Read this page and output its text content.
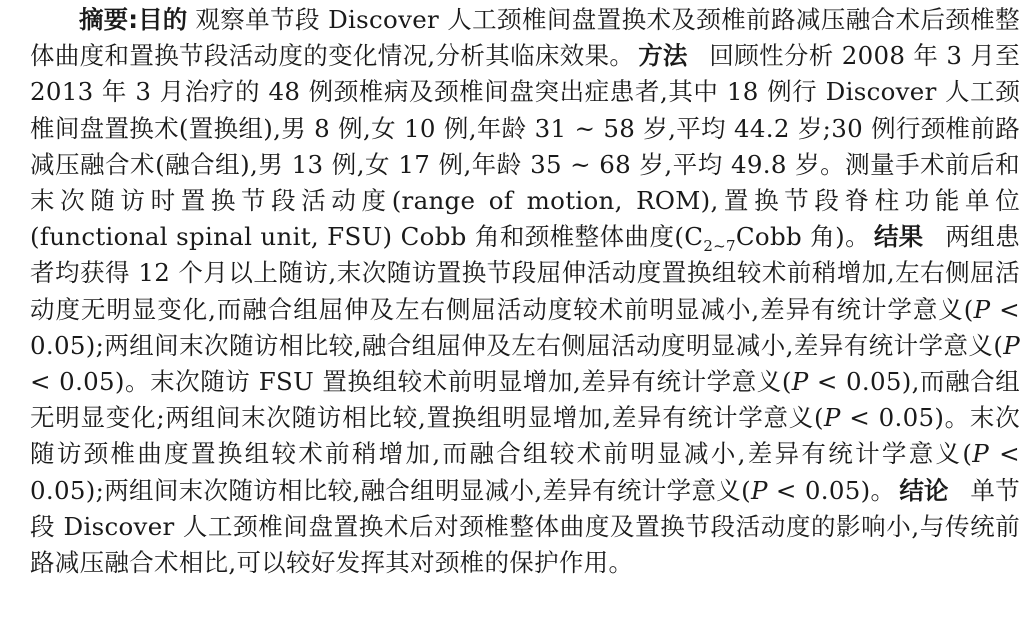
摘要:目的 观察单节段 Discover 人工颈椎间盘置换术及颈椎前路减压融合术后颈椎整体曲度和置换节段活动度的变化情况,分析其临床效果。 方法 回顾性分析 2008 年 3 月至 2013 年 3 月治疗的 48 例颈椎病及颈椎间盘突出症患者,其中 18 例行 Discover 人工颈椎间盘置换术(置换组),男 8 例,女 10 例,年龄 31 ~ 58 岁,平均 44.2 岁;30 例行颈椎前路减压融合术(融合组),男 13 例,女 17 例,年龄 35 ~ 68 岁,平均 49.8 岁。测量手术前后和末次随访时置换节段活动度(range of motion, ROM),置换节段脊柱功能单位(functional spinal unit, FSU) Cobb 角和颈椎整体曲度($C_{2\sim 7}Cobb$ 角)。 结果 两组患者均获得 12 个月以上随访,末次随访置换节段屈伸活动度置换组较术前稍增加,左右侧屈活动度无明显变化,而融合组屈伸及左右侧屈活动度较术前明显减小,差异有统计学意义(P < 0.05);两组间末次随访相比较,融合组屈伸及左右侧屈活动度明显减小,差异有统计学意义(P < 0.05)。末次随访 FSU 置换组较术前明显增加,差异有统计学意义(P < 0.05),而融合组无明显变化;两组间末次随访相比较,置换组明显增加,差异有统计学意义(P < 0.05)。末次随访颈椎曲度置换组较术前稍增加,而融合组较术前明显减小,差异有统计学意义(P < 0.05);两组间末次随访相比较,融合组明显减小,差异有统计学意义(P < 0.05)。 结论 单节段 Discover 人工颈椎间盘置换术后对颈椎整体曲度及置换节段活动度的影响小,与传统前路减压融合术相比,可以较好发挥其对颈椎的保护作用。
